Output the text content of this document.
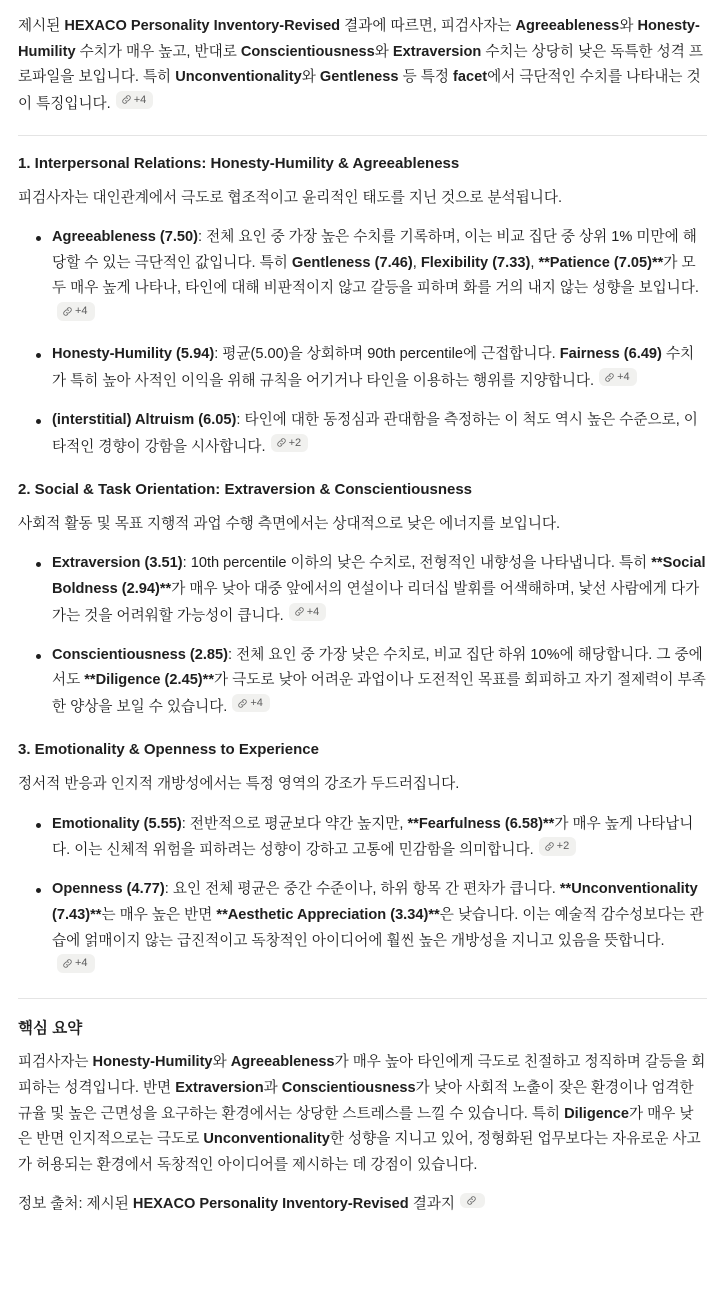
제시된 HEXACO Personality Inventory-Revised 결과에 따르면, 피검사자는 Agreeableness와 Honesty-Humility 수치가 매우 높고, 반대로 Conscientiousness와 Extraversion 수치는 상당히 낮은 독특한 성격 프로파일을 보입니다. 특히 Unconventionality와 Gentleness 등 특정 facet에서 극단적인 수치를 나타내는 것이 특징입니다. +4

1. Interpersonal Relations: Honesty-Humility & Agreeableness

피검사자는 대인관계에서 극도로 협조적이고 윤리적인 태도를 지닌 것으로 분석됩니다.

Agreeableness (7.50): 전체 요인 중 가장 높은 수치를 기록하며, 이는 비교 집단 중 상위 1% 미만에 해당할 수 있는 극단적인 값입니다. 특히 Gentleness (7.46), Flexibility (7.33), **Patience (7.05)**가 모두 매우 높게 나타나, 타인에 대해 비판적이지 않고 갈등을 피하며 화를 거의 내지 않는 성향을 보입니다.
+4
Honesty-Humility (5.94): 평균(5.00)을 상회하며 90th percentile에 근접합니다. Fairness (6.49) 수치가 특히 높아 사적인 이익을 위해 규칙을 어기거나 타인을 이용하는 행위를 지양합니다. +4
(interstitial) Altruism (6.05): 타인에 대한 동정심과 관대함을 측정하는 이 척도 역시 높은 수준으로, 이타적인 경향이 강함을 시사합니다. +2
2. Social & Task Orientation: Extraversion & Conscientiousness

사회적 활동 및 목표 지행적 과업 수행 측면에서는 상대적으로 낮은 에너지를 보입니다.

Extraversion (3.51): 10th percentile 이하의 낮은 수치로, 전형적인 내향성을 나타냅니다. 특히 **Social Boldness (2.94)**가 매우 낮아 대중 앞에서의 연설이나 리더십 발휘를 어색해하며, 낯선 사람에게 다가가는 것을 어려워할 가능성이 큽니다. +4
Conscientiousness (2.85): 전체 요인 중 가장 낮은 수치로, 비교 집단 하위 10%에 해당합니다. 그 중에서도 **Diligence (2.45)**가 극도로 낮아 어려운 과업이나 도전적인 목표를 회피하고 자기 절제력이 부족한 양상을 보일 수 있습니다. +4
3. Emotionality & Openness to Experience

정서적 반응과 인지적 개방성에서는 특정 영역의 강조가 두드러집니다.

Emotionality (5.55): 전반적으로 평균보다 약간 높지만, **Fearfulness (6.58)**가 매우 높게 나타납니다. 이는 신체적 위험을 피하려는 성향이 강하고 고통에 민감함을 의미합니다. +2
Openness (4.77): 요인 전체 평균은 중간 수준이나, 하위 항목 간 편차가 큽니다. **Unconventionality (7.43)**는 매우 높은 반면 **Aesthetic Appreciation (3.34)**은 낮습니다. 이는 예술적 감수성보다는 관습에 얽매이지 않는 급진적이고 독창적인 아이디어에 훨씬 높은 개방성을 지니고 있음을 뜻합니다.
+4
핵심 요약

피검사자는 Honesty-Humility와 Agreeableness가 매우 높아 타인에게 극도로 친절하고 정직하며 갈등을 회피하는 성격입니다. 반면 Extraversion과 Conscientiousness가 낮아 사회적 노출이 잦은 환경이나 엄격한 규율 및 높은 근면성을 요구하는 환경에서는 상당한 스트레스를 느낄 수 있습니다. 특히 Diligence가 매우 낮은 반면 인지적으로는 극도로 Unconventionality한 성향을 지니고 있어, 정형화된 업무보다는 자유로운 사고가 허용되는 환경에서 독창적인 아이디어를 제시하는 데 강점이 있습니다.

정보 출처: 제시된 HEXACO Personality Inventory-Revised 결과지
